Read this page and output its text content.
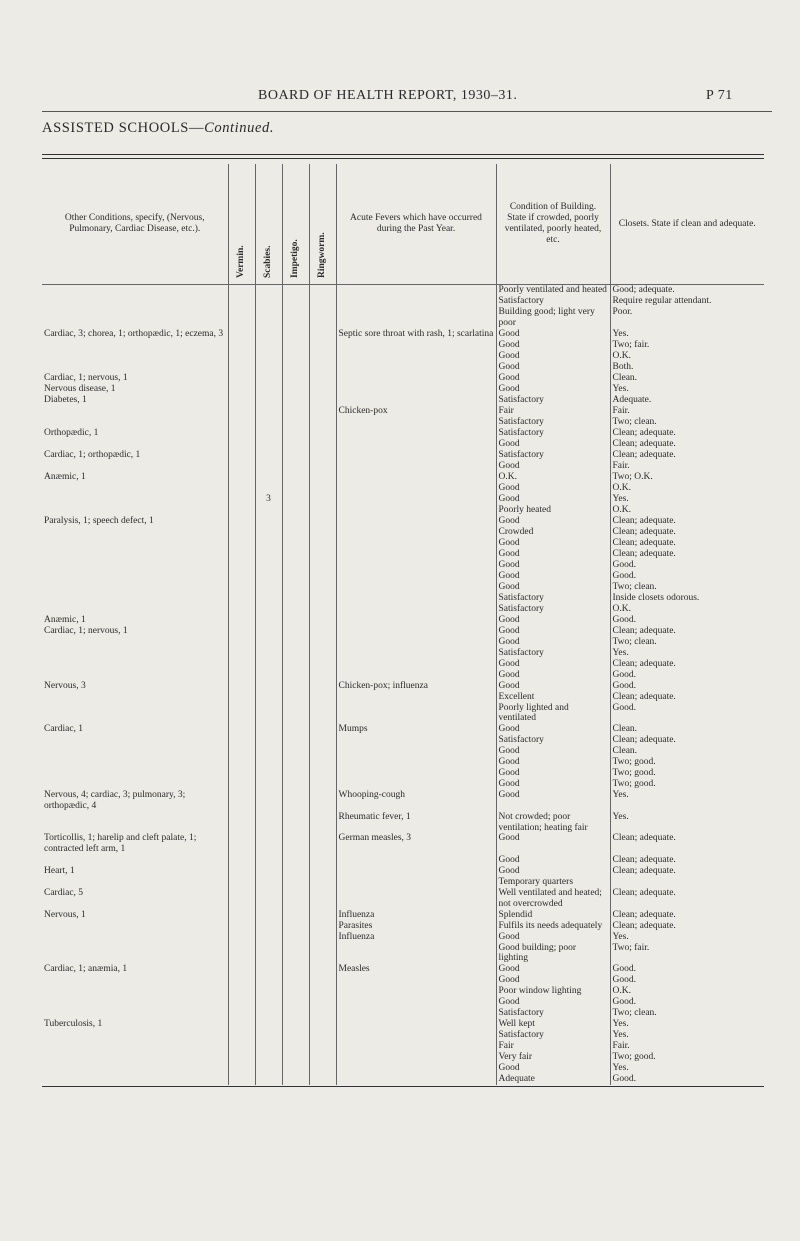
BOARD OF HEALTH REPORT, 1930–31.	P 71
ASSISTED SCHOOLS—Continued.
Other Conditions, specify, (Nervous, Pulmonary, Cardiac Disease, etc.).	Vermin.	Scabies.	Impetigo.	Ringworm.	Acute Fevers which have occurred during the Past Year.	Condition of Building. State if crowded, poorly ventilated, poorly heated, etc.	Closets. State if clean and adequate.
						Poorly ventilated and heated	Good; adequate.
						Satisfactory	Require regular attendant.
						Building good; light very poor	Poor.
Cardiac, 3; chorea, 1; orthopædic, 1; eczema, 3					Septic sore throat with rash, 1; scarlatina	Good	Yes.
						Good	Two; fair.
						Good	O.K.
						Good	Both.
Cardiac, 1; nervous, 1						Good	Clean.
Nervous disease, 1						Good	Yes.
Diabetes, 1						Satisfactory	Adequate.
					Chicken-pox	Fair	Fair.
						Satisfactory	Two; clean.
Orthopædic, 1						Satisfactory	Clean; adequate.
						Good	Clean; adequate.
Cardiac, 1; orthopædic, 1						Satisfactory	Clean; adequate.
						Good	Fair.
Anæmic, 1						O.K.	Two; O.K.
						Good	O.K.
		3				Good	Yes.
						Poorly heated	O.K.
Paralysis, 1; speech defect, 1						Good	Clean; adequate.
						Crowded	Clean; adequate.
						Good	Clean; adequate.
						Good	Clean; adequate.
						Good	Good.
						Good	Good.
						Good	Two; clean.
						Satisfactory	Inside closets odorous.
						Satisfactory	O.K.
Anæmic, 1						Good	Good.
Cardiac, 1; nervous, 1						Good	Clean; adequate.
						Good	Two; clean.
						Satisfactory	Yes.
						Good	Clean; adequate.
						Good	Good.
Nervous, 3					Chicken-pox; influenza	Good	Good.
						Excellent	Clean; adequate.
						Poorly lighted and ventilated	Good.
Cardiac, 1					Mumps	Good	Clean.
						Satisfactory	Clean; adequate.
						Good	Clean.
						Good	Two; good.
						Good	Two; good.
						Good	Two; good.
Nervous, 4; cardiac, 3; pulmonary, 3; orthopædic, 4					Whooping-cough	Good	Yes.
					Rheumatic fever, 1	Not crowded; poor ventilation; heating fair	Yes.
Torticollis, 1; harelip and cleft palate, 1; contracted left arm, 1					German measles, 3	Good	Clean; adequate.
						Good	Clean; adequate.
Heart, 1						Good	Clean; adequate.
						Temporary quarters	
Cardiac, 5						Well ventilated and heated; not overcrowded	Clean; adequate.
Nervous, 1					Influenza	Splendid	Clean; adequate.
					Parasites	Fulfils its needs adequately	Clean; adequate.
					Influenza	Good	Yes.
						Good building; poor lighting	Two; fair.
Cardiac, 1; anæmia, 1					Measles	Good	Good.
						Good	Good.
						Poor window lighting	O.K.
						Good	Good.
						Satisfactory	Two; clean.
Tuberculosis, 1						Well kept	Yes.
						Satisfactory	Yes.
						Fair	Fair.
						Very fair	Two; good.
						Good	Yes.
						Adequate	Good.
